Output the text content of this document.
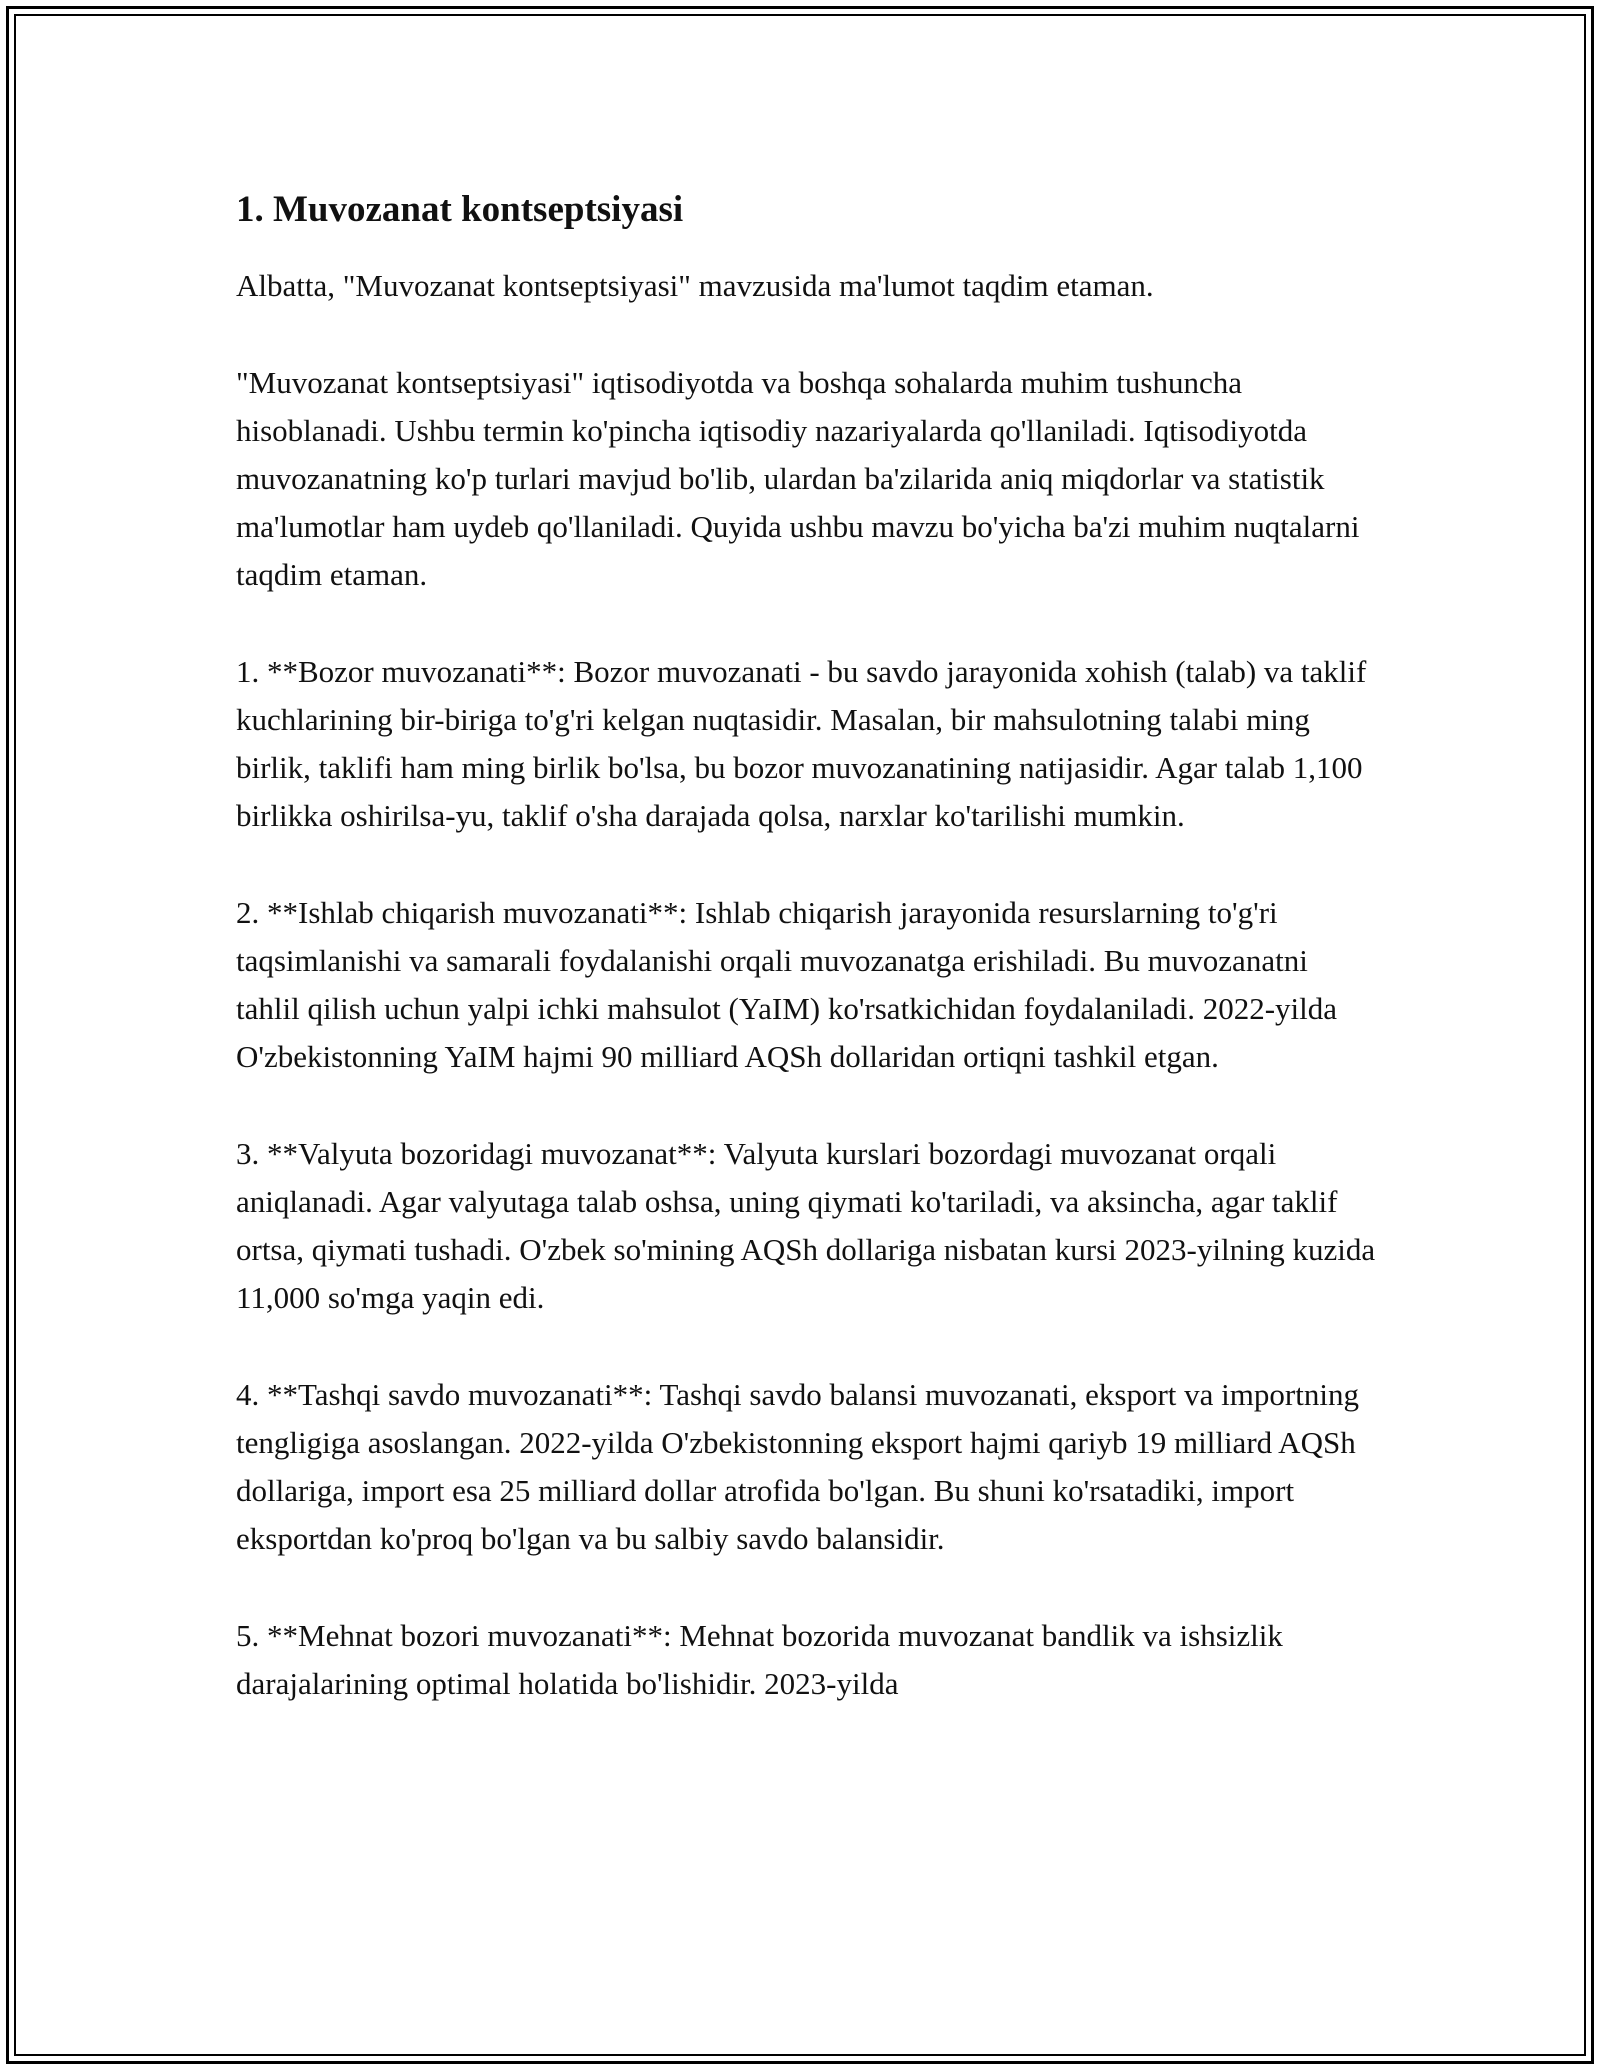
1. Muvozanat kontseptsiyasi

Albatta, "Muvozanat kontseptsiyasi" mavzusida ma'lumot taqdim etaman.

"Muvozanat kontseptsiyasi" iqtisodiyotda va boshqa sohalarda muhim tushuncha hisoblanadi. Ushbu termin ko'pincha iqtisodiy nazariyalarda qo'llaniladi. Iqtisodiyotda muvozanatning ko'p turlari mavjud bo'lib, ulardan ba'zilarida aniq miqdorlar va statistik ma'lumotlar ham uydeb qo'llaniladi. Quyida ushbu mavzu bo'yicha ba'zi muhim nuqtalarni taqdim etaman.

1. **Bozor muvozanati**: Bozor muvozanati - bu savdo jarayonida xohish (talab) va taklif kuchlarining bir-biriga to'g'ri kelgan nuqtasidir. Masalan, bir mahsulotning talabi ming birlik, taklifi ham ming birlik bo'lsa, bu bozor muvozanatining natijasidir. Agar talab 1,100 birlikka oshirilsa-yu, taklif o'sha darajada qolsa, narxlar ko'tarilishi mumkin.

2. **Ishlab chiqarish muvozanati**: Ishlab chiqarish jarayonida resurslarning to'g'ri taqsimlanishi va samarali foydalanishi orqali muvozanatga erishiladi. Bu muvozanatni tahlil qilish uchun yalpi ichki mahsulot (YaIM) ko'rsatkichidan foydalaniladi. 2022-yilda O'zbekistonning YaIM hajmi 90 milliard AQSh dollaridan ortiqni tashkil etgan.

3. **Valyuta bozoridagi muvozanat**: Valyuta kurslari bozordagi muvozanat orqali aniqlanadi. Agar valyutaga talab oshsa, uning qiymati ko'tariladi, va aksincha, agar taklif ortsa, qiymati tushadi. O'zbek so'mining AQSh dollariga nisbatan kursi 2023-yilning kuzida 11,000 so'mga yaqin edi.

4. **Tashqi savdo muvozanati**: Tashqi savdo balansi muvozanati, eksport va importning tengligiga asoslangan. 2022-yilda O'zbekistonning eksport hajmi qariyb 19 milliard AQSh dollariga, import esa 25 milliard dollar atrofida bo'lgan. Bu shuni ko'rsatadiki, import eksportdan ko'proq bo'lgan va bu salbiy savdo balansidir.

5. **Mehnat bozori muvozanati**: Mehnat bozorida muvozanat bandlik va ishsizlik darajalarining optimal holatida bo'lishidir. 2023-yilda
